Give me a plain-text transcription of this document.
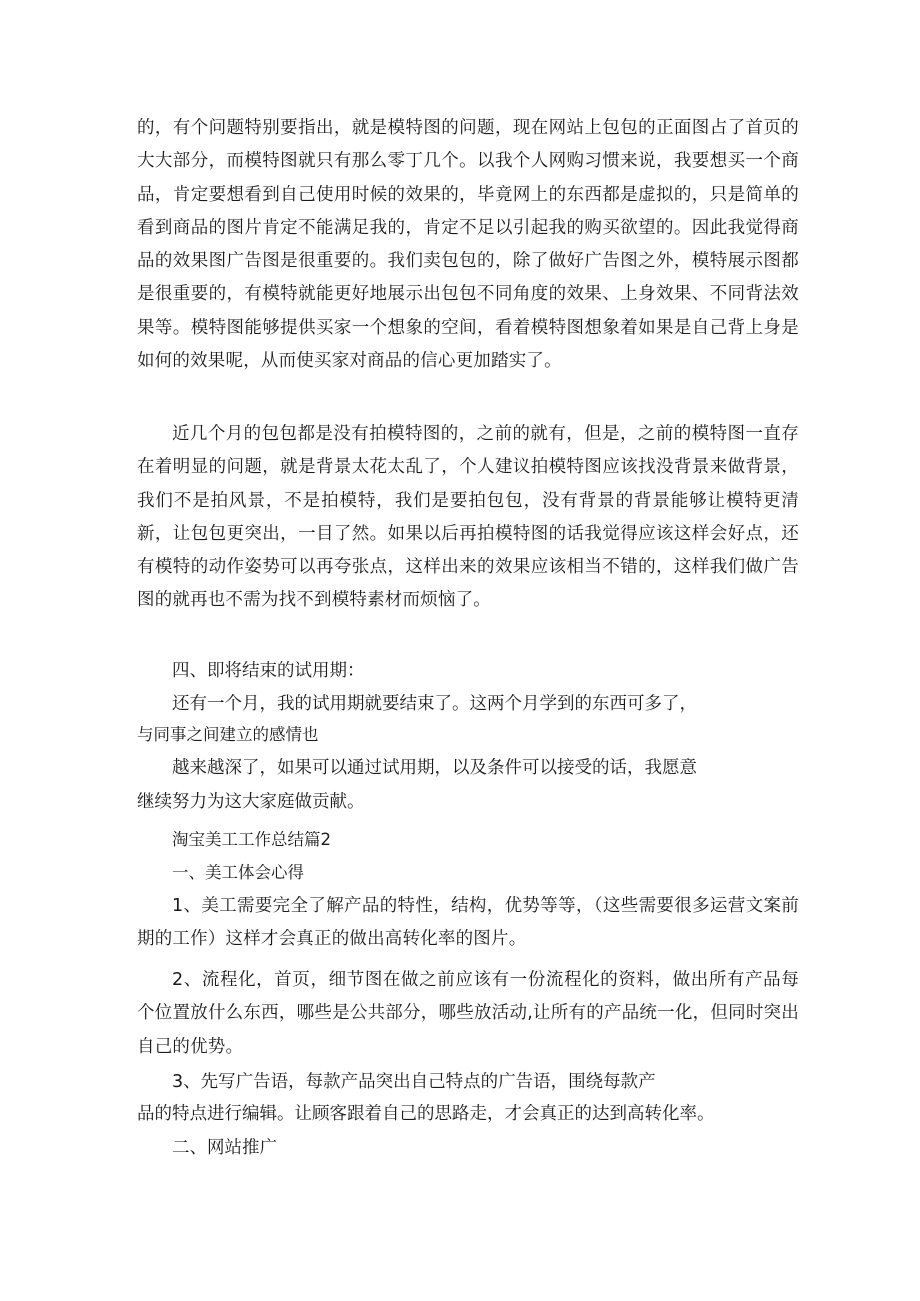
的，有个问题特别要指出，就是模特图的问题，现在网站上包包的正面图占了首页的大大部分，而模特图就只有那么零丁几个。以我个人网购习惯来说，我要想买一个商品，肯定要想看到自己使用时候的效果的，毕竟网上的东西都是虚拟的，只是简单的看到商品的图片肯定不能满足我的，肯定不足以引起我的购买欲望的。因此我觉得商品的效果图广告图是很重要的。我们卖包包的，除了做好广告图之外，模特展示图都是很重要的，有模特就能更好地展示出包包不同角度的效果、上身效果、不同背法效果等。模特图能够提供买家一个想象的空间，看着模特图想象着如果是自己背上身是如何的效果呢，从而使买家对商品的信心更加踏实了。

近几个月的包包都是没有拍模特图的，之前的就有，但是，之前的模特图一直存在着明显的问题，就是背景太花太乱了，个人建议拍模特图应该找没背景来做背景，我们不是拍风景，不是拍模特，我们是要拍包包，没有背景的背景能够让模特更清新，让包包更突出，一目了然。如果以后再拍模特图的话我觉得应该这样会好点，还有模特的动作姿势可以再夸张点，这样出来的效果应该相当不错的，这样我们做广告图的就再也不需为找不到模特素材而烦恼了。

四、即将结束的试用期：

还有一个月，我的试用期就要结束了。这两个月学到的东西可多了，

与同事之间建立的感情也

越来越深了，如果可以通过试用期，以及条件可以接受的话，我愿意

继续努力为这大家庭做贡献。

淘宝美工工作总结篇2

一、美工体会心得

1、美工需要完全了解产品的特性，结构，优势等等，（这些需要很多运营文案前期的工作）这样才会真正的做出高转化率的图片。

2、流程化，首页，细节图在做之前应该有一份流程化的资料，做出所有产品每个位置放什么东西，哪些是公共部分，哪些放活动,让所有的产品统一化，但同时突出自己的优势。

3、先写广告语，每款产品突出自己特点的广告语，围绕每款产

品的特点进行编辑。让顾客跟着自己的思路走，才会真正的达到高转化率。

二、网站推广
